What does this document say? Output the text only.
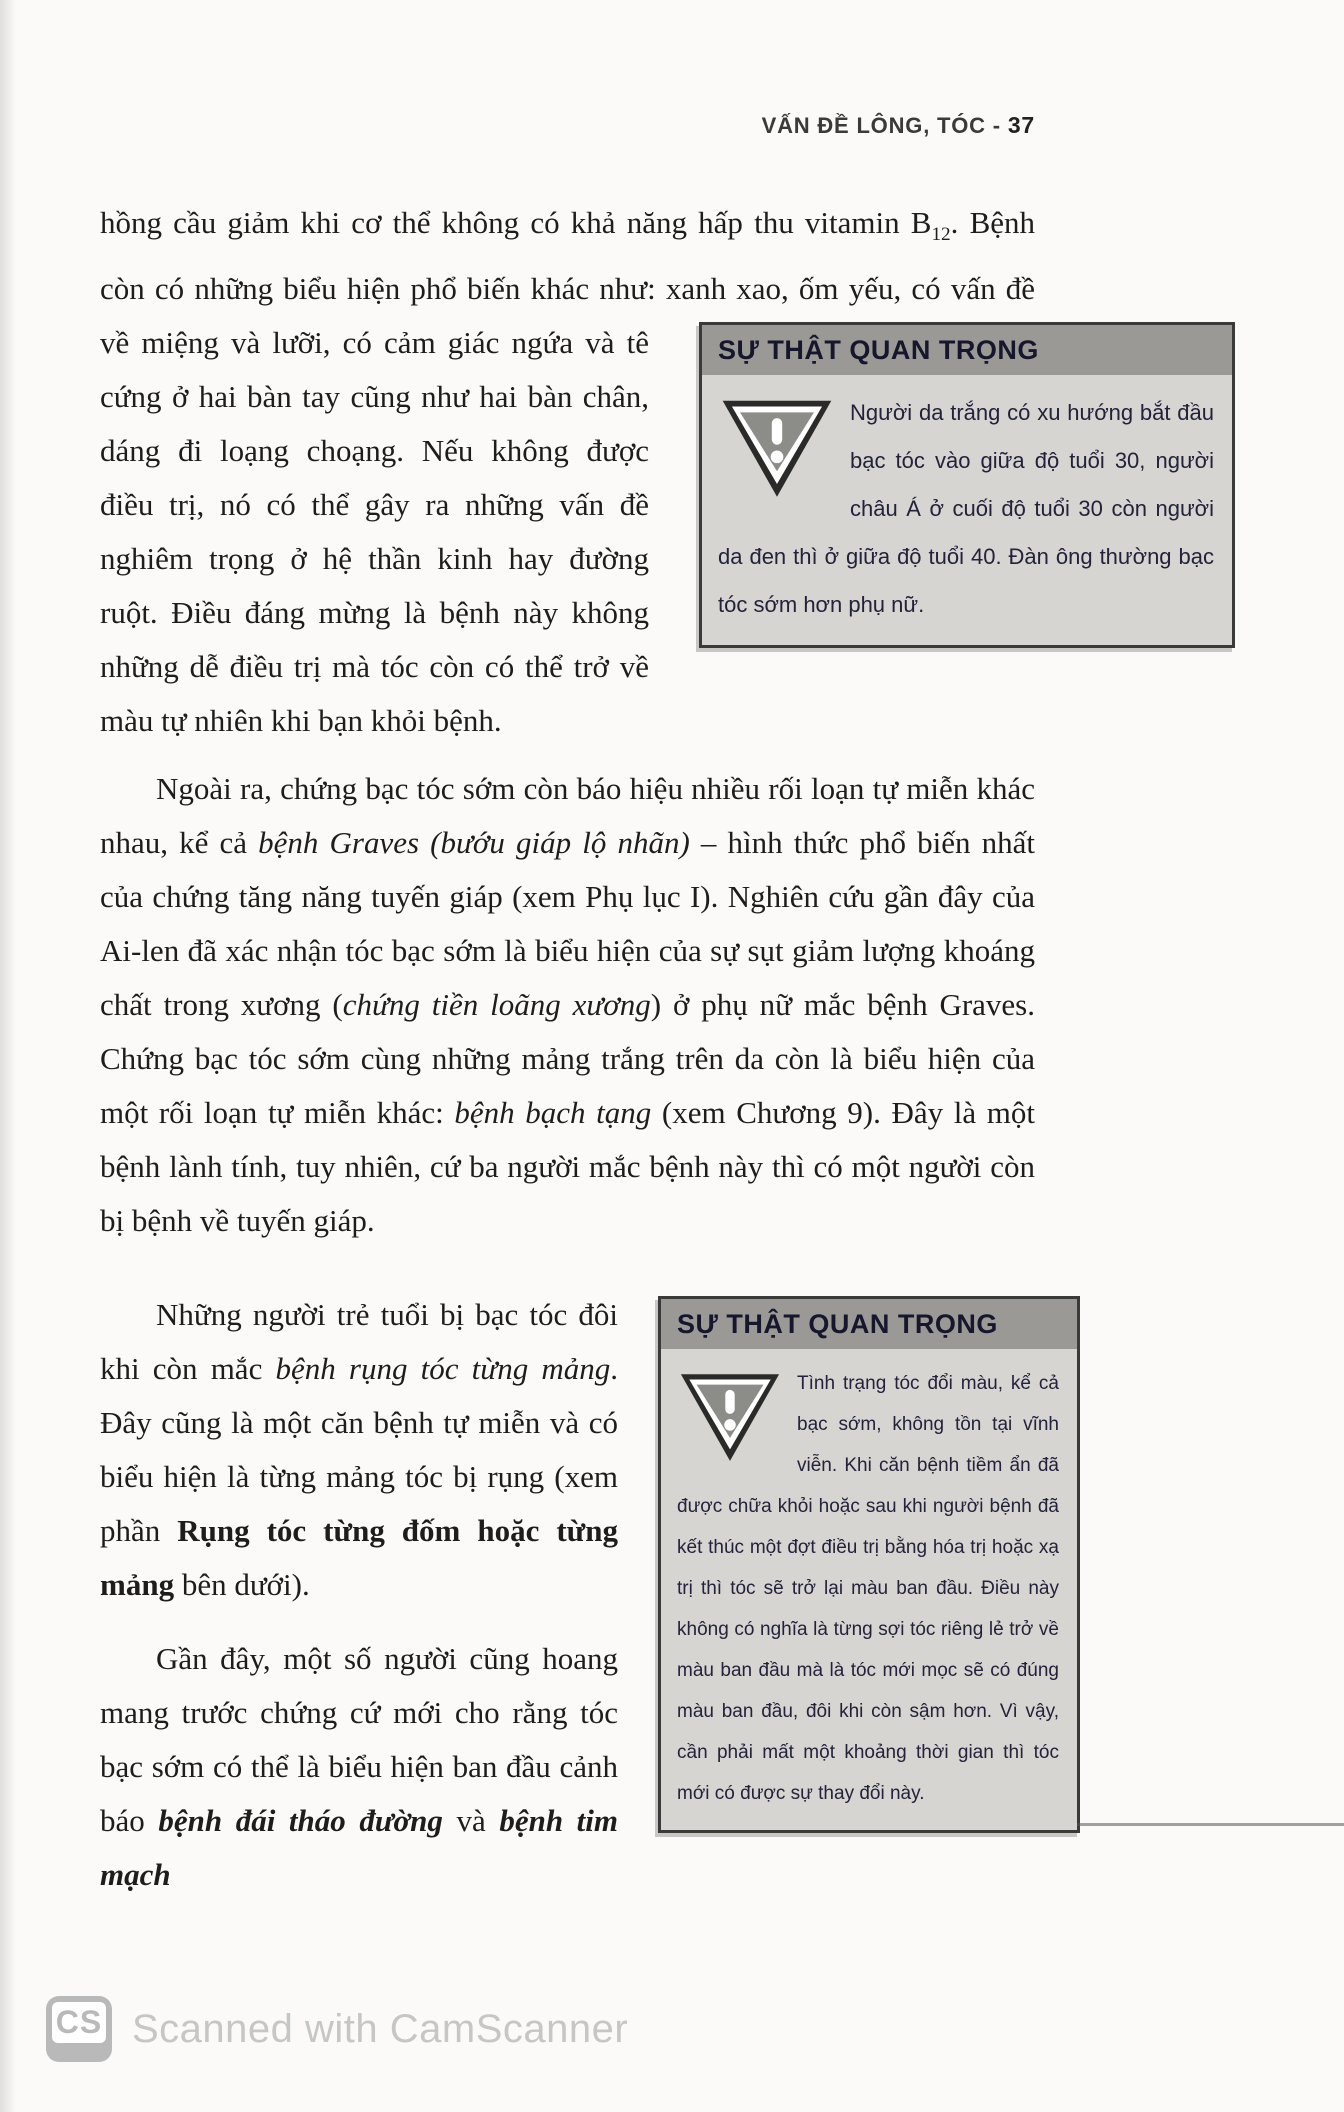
VẤN ĐỀ LÔNG, TÓC - 37
hồng cầu giảm khi cơ thể không có khả năng hấp thu vitamin $B_{12}$. Bệnh còn có những biểu hiện phổ biến khác như: xanh xao, ốm yếu,
SỰ THẬT QUAN TRỌNG
Người da trắng có xu hướng bắt đầu bạc tóc vào giữa độ tuổi 30, người châu Á ở cuối độ tuổi 30 còn người da đen thì ở giữa độ tuổi 40. Đàn ông thường bạc tóc sớm hơn phụ nữ.
có vấn đề về miệng và lưỡi, có cảm giác ngứa và tê cứng ở hai bàn tay cũng như hai bàn chân, dáng đi loạng choạng. Nếu không được điều trị, nó có thể gây ra những vấn đề nghiêm trọng ở hệ thần kinh hay đường ruột. Điều đáng mừng là bệnh này không những dễ điều trị mà tóc còn có thể trở về màu tự nhiên khi bạn khỏi bệnh.
Ngoài ra, chứng bạc tóc sớm còn báo hiệu nhiều rối loạn tự miễn khác nhau, kể cả bệnh Graves (bướu giáp lộ nhãn) – hình thức phổ biến nhất của chứng tăng năng tuyến giáp (xem Phụ lục I). Nghiên cứu gần đây của Ai-len đã xác nhận tóc bạc sớm là biểu hiện của sự sụt giảm lượng khoáng chất trong xương (chứng tiền loãng xương) ở phụ nữ mắc bệnh Graves. Chứng bạc tóc sớm cùng những mảng trắng trên da còn là biểu hiện của một rối loạn tự miễn khác: bệnh bạch tạng (xem Chương 9). Đây là một bệnh lành tính, tuy nhiên, cứ ba người mắc bệnh này thì có một người còn bị bệnh về tuyến giáp.
SỰ THẬT QUAN TRỌNG
Tình trạng tóc đổi màu, kể cả bạc sớm, không tồn tại vĩnh viễn. Khi căn bệnh tiềm ẩn đã được chữa khỏi hoặc sau khi người bệnh đã kết thúc một đợt điều trị bằng hóa trị hoặc xạ trị thì tóc sẽ trở lại màu ban đầu. Điều này không có nghĩa là từng sợi tóc riêng lẻ trở về màu ban đầu mà là tóc mới mọc sẽ có đúng màu ban đầu, đôi khi còn sậm hơn. Vì vậy, cần phải mất một khoảng thời gian thì tóc mới có được sự thay đổi này.
Những người trẻ tuổi bị bạc tóc đôi khi còn mắc bệnh rụng tóc từng mảng. Đây cũng là một căn bệnh tự miễn và có biểu hiện là từng mảng tóc bị rụng (xem phần Rụng tóc từng đốm hoặc từng mảng bên dưới).
Gần đây, một số người cũng hoang mang trước chứng cứ mới cho rằng tóc bạc sớm có thể là biểu hiện ban đầu cảnh báo bệnh đái tháo đường và bệnh tim mạch
CS Scanned with CamScanner
